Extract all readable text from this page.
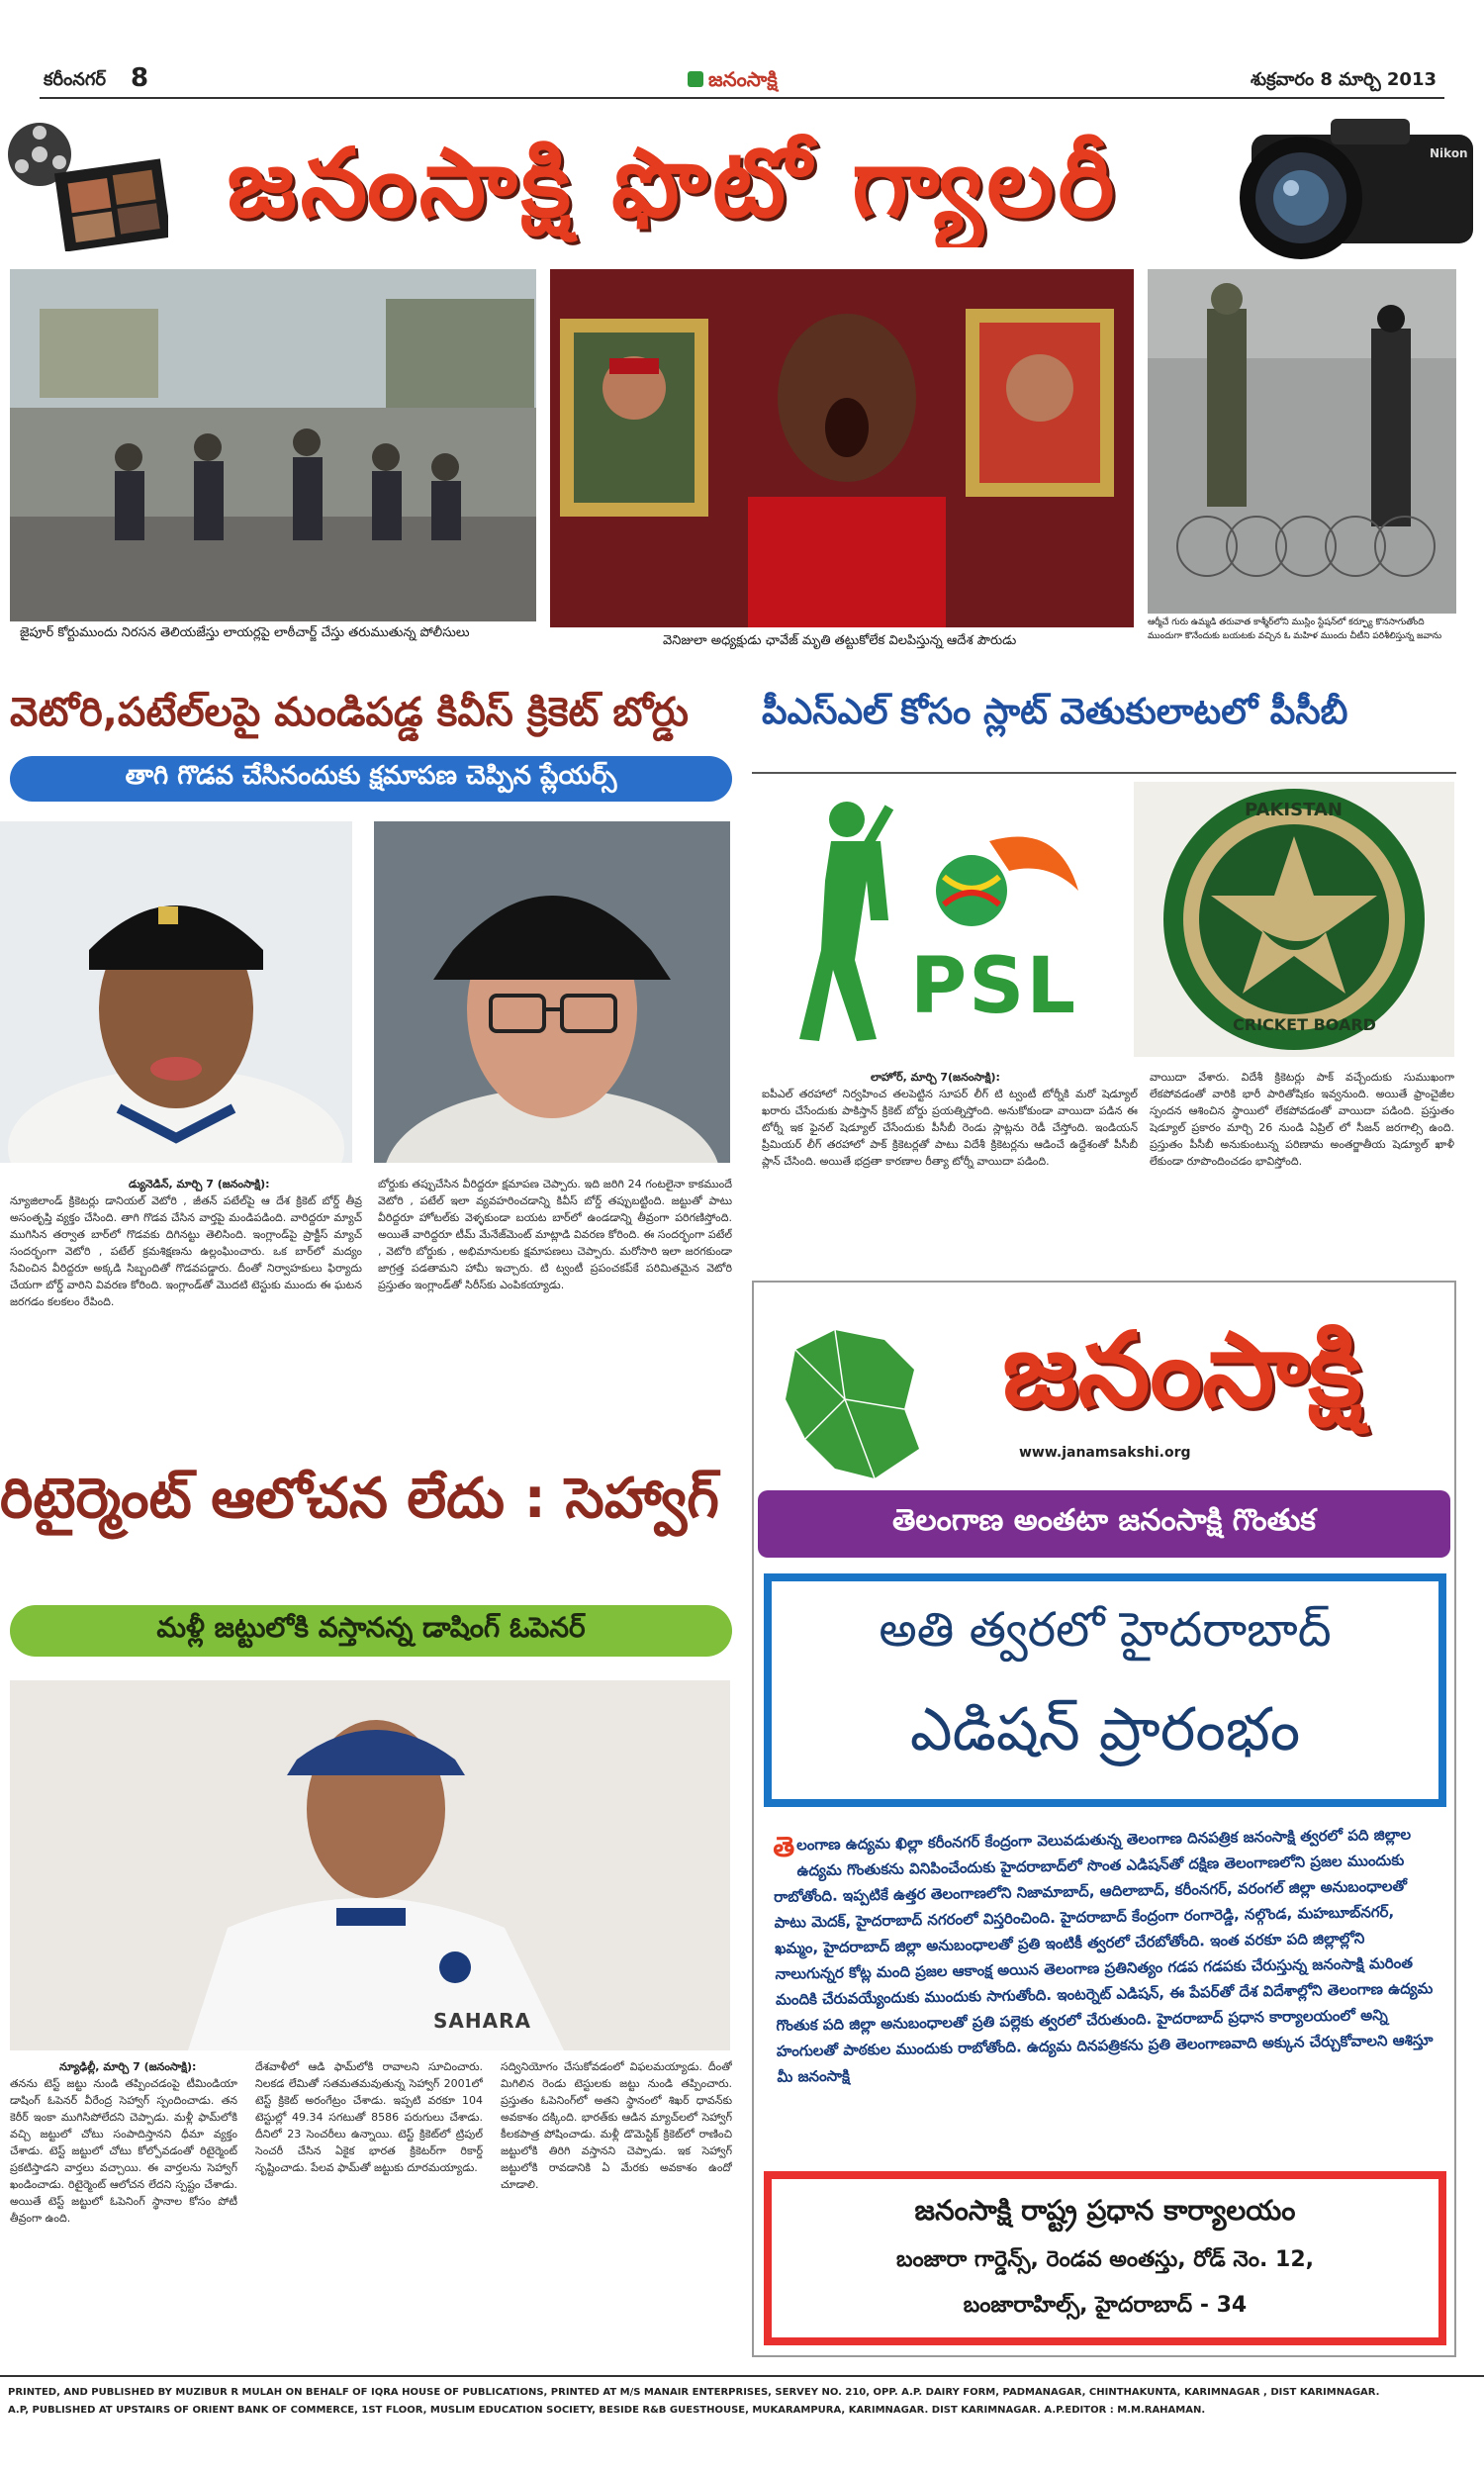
కరీంనగర్ 8	జనంసాక్షి	శుక్రవారం 8 మార్చి 2013
జనంసాక్షి ఫొటో గ్యాలరీ	Nikon
జైపూర్ కోర్టుముందు నిరసన తెలియజేస్తు లాయర్లపై లాఠీచార్జ్ చేస్తు తరుముతున్న పోలీసులు
వెనిజులా అధ్యక్షుడు ఛావేజ్ మృతి తట్టుకోలేక విలపిస్తున్న ఆదేశ పౌరుడు
ఆర్మీచే గురు ఉమ్మడి తరువాత కాశ్మీర్‌లోని ముస్లిం స్టేషన్‌లో కర్ఫ్యూ కొనసాగుతోంది
ముందుగా కొనేందుకు బయటకు వచ్చిన ఓ మహిళ ముందు చీటీని పరిశీలిస్తున్న జవాను
వెటోరి,పటేల్‌లపై మండిపడ్డ కివీస్ క్రికెట్ బోర్డు
తాగి గొడవ చేసినందుకు క్షమాపణ చెప్పిన ప్లేయర్స్
డ్యునెడిన్, మార్చి 7 (జనంసాక్షి):
న్యూజిలాండ్ క్రికెటర్లు డానియల్ వెటోరి , జీతన్ పటేల్‌పై ఆ దేశ క్రికెట్ బోర్డ్ తీవ్ర అసంతృప్తి వ్యక్తం చేసింది. తాగి గొడవ చేసిన వార్తపై మండిపడింది. వారిద్దరూ మ్యాచ్ ముగిసిన తర్వాత బార్‌లో గొడవకు దిగినట్టు తెలిసింది. ఇంగ్లాండ్‌పై ప్రాక్టీస్ మ్యాచ్ సందర్భంగా వెటోరి , పటేల్ క్రమశిక్షణను ఉల్లంఘించారు. ఒక బార్‌లో మద్యం సేవించిన వీరిద్దరూ అక్కడి సిబ్బందితో గొడవపడ్డారు. దీంతో నిర్వాహకులు ఫిర్యాదు చేయగా బోర్డ్ వారిని వివరణ కోరింది. ఇంగ్లాండ్‌తో మొదటి టెస్టుకు ముందు ఈ ఘటన జరగడం కలకలం రేపింది.
బోర్డుకు తప్పుచేసిన వీరిద్దరూ క్షమాపణ చెప్పారు. ఇది జరిగి 24 గంటలైనా కాకముందే వెటోరి , పటేల్ ఇలా వ్యవహరించడాన్ని కివీస్ బోర్డ్ తప్పుబట్టింది. జట్టుతో పాటు వీరిద్దరూ హోటల్‌కు వెళ్ళకుండా బయట బార్‌లో ఉండడాన్ని తీవ్రంగా పరిగణిస్తోంది. అయితే వారిద్దరూ టీమ్ మేనేజ్‌మెంట్ మాట్లాడి వివరణ కోరింది. ఈ సందర్భంగా పటేల్ , వెటోరి బోర్డుకు , అభిమానులకు క్షమాపణలు చెప్పారు. మరోసారి ఇలా జరగకుండా జాగ్రత్త పడతామని హామీ ఇచ్చారు. టి ట్వంటీ ప్రపంచకప్‌కే పరిమితమైన వెటోరి ప్రస్తుతం ఇంగ్లాండ్‌తో సిరీస్‌కు ఎంపికయ్యాడు.
పీఎస్‌ఎల్ కోసం స్లాట్ వెతుకులాటలో పీసీబీ
PSL
PAKISTAN
CRICKET BOARD
లాహోర్, మార్చి 7(జనంసాక్షి):
ఐపీఎల్ తరహాలో నిర్వహించ తలపెట్టిన సూపర్ లీగ్ టి ట్వంటీ టోర్నీకి మరో షెడ్యూల్ ఖరారు చేసేందుకు పాకిస్తాన్ క్రికెట్ బోర్డు ప్రయత్నిస్తోంది. అనుకోకుండా వాయిదా పడిన ఈ టోర్నీ ఇక ఫైనల్ షెడ్యూల్ చేసేందుకు పీసీబీ రెండు స్లాట్లను రెడీ చేస్తోంది. ఇండియన్ ప్రీమియర్ లీగ్ తరహాలో పాక్ క్రికెటర్లతో పాటు విదేశీ క్రికెటర్లను ఆడించే ఉద్దేశంతో పీసీబీ ప్లాన్ చేసింది. అయితే భద్రతా కారణాల రీత్యా టోర్నీ వాయిదా పడింది.
వాయిదా వేశారు. విదేశీ క్రికెటర్లు పాక్ వచ్చేందుకు సుముఖంగా లేకపోవడంతో వారికి భారీ పారితోషికం ఇవ్వనుంది. అయితే ఫ్రాంచైజీల స్పందన ఆశించిన స్థాయిలో లేకపోవడంతో వాయిదా పడింది. ప్రస్తుతం షెడ్యూల్ ప్రకారం మార్చి 26 నుండి ఏప్రిల్ లో సీజన్ జరగాల్సి ఉంది. ప్రస్తుతం పీసీబీ అనుకుంటున్న పరిణామ అంతర్జాతీయ షెడ్యూల్ ఖాళీ లేకుండా రూపొందించడం భావిస్తోంది.
జనంసాక్షి
www.janamsakshi.org
తెలంగాణ అంతటా జనంసాక్షి గొంతుక
అతి త్వరలో హైదరాబాద్
ఎడిషన్ ప్రారంభం
తె లంగాణ ఉద్యమ ఖిల్లా కరీంనగర్ కేంద్రంగా వెలువడుతున్న తెలంగాణ దినపత్రిక జనంసాక్షి త్వరలో పది జిల్లాల ఉద్యమ గొంతుకను వినిపించేందుకు హైదరాబాద్‌లో సొంత ఎడిషన్‌తో దక్షిణ తెలంగాణలోని ప్రజల ముందుకు రాబోతోంది. ఇప్పటికే ఉత్తర తెలంగాణలోని నిజామాబాద్, ఆదిలాబాద్, కరీంనగర్, వరంగల్ జిల్లా అనుబంధాలతో పాటు మెదక్, హైదరాబాద్ నగరంలో విస్తరించింది. హైదరాబాద్ కేంద్రంగా రంగారెడ్డి, నల్గొండ, మహబూబ్‌నగర్, ఖమ్మం, హైదరాబాద్ జిల్లా అనుబంధాలతో ప్రతి ఇంటికీ త్వరలో చేరబోతోంది. ఇంత వరకూ పది జిల్లాల్లోని నాలుగున్నర కోట్ల మంది ప్రజల ఆకాంక్ష అయిన తెలంగాణ ప్రతినిత్యం గడప గడపకు చేరుస్తున్న జనంసాక్షి మరింత మందికి చేరువయ్యేందుకు ముందుకు సాగుతోంది. ఇంటర్నెట్ ఎడిషన్, ఈ పేపర్‌తో దేశ విదేశాల్లోని తెలంగాణ ఉద్యమ గొంతుక పది జిల్లా అనుబంధాలతో ప్రతి పల్లెకు త్వరలో చేరుతుంది. హైదరాబాద్ ప్రధాన కార్యాలయంలో అన్ని హంగులతో పాఠకుల ముందుకు రాబోతోంది. ఉద్యమ దినపత్రికను ప్రతి తెలంగాణవాది అక్కున చేర్చుకోవాలని ఆశిస్తూ మీ జనంసాక్షి
జనంసాక్షి రాష్ట్ర ప్రధాన కార్యాలయం
బంజారా గార్డెన్స్, రెండవ అంతస్తు, రోడ్ నెం. 12,
బంజారాహిల్స్, హైదరాబాద్ - 34
రిటైర్మెంట్ ఆలోచన లేదు : సెహ్వాగ్
మళ్లీ జట్టులోకి వస్తానన్న డాషింగ్ ఓపెనర్
SAHARA
న్యూఢిల్లీ, మార్చి 7 (జనంసాక్షి):
తనను టెస్ట్ జట్టు నుండి తప్పించడంపై టీమిండియా డాషింగ్ ఓపెనర్ వీరేంద్ర సెహ్వాగ్ స్పందించాడు. తన కెరీర్ ఇంకా ముగిసిపోలేదని చెప్పాడు. మళ్లీ ఫామ్‌లోకి వచ్చి జట్టులో చోటు సంపాదిస్తానని ధీమా వ్యక్తం చేశాడు. టెస్ట్ జట్టులో చోటు కోల్పోవడంతో రిటైర్మెంట్ ప్రకటిస్తాడని వార్తలు వచ్చాయి. ఈ వార్తలను సెహ్వాగ్ ఖండించాడు. రిటైర్మెంట్ ఆలోచన లేదని స్పష్టం చేశాడు. అయితే టెస్ట్ జట్టులో ఓపెనింగ్ స్థానాల కోసం పోటీ తీవ్రంగా ఉంది.
దేశవాళీలో ఆడి ఫామ్‌లోకి రావాలని సూచించారు. నిలకడ లేమితో సతమతమవుతున్న సెహ్వాగ్ 2001లో టెస్ట్ క్రికెట్ అరంగేట్రం చేశాడు. ఇప్పటి వరకూ 104 టెస్టుల్లో 49.34 సగటుతో 8586 పరుగులు చేశాడు. దీనిలో 23 సెంచరీలు ఉన్నాయి. టెస్ట్ క్రికెట్‌లో ట్రిపుల్ సెంచరీ చేసిన ఏకైక భారత క్రికెటర్‌గా రికార్డ్ సృష్టించాడు. పేలవ ఫామ్‌తో జట్టుకు దూరమయ్యాడు.
సద్వినియోగం చేసుకోవడంలో విఫలమయ్యాడు. దీంతో మిగిలిన రెండు టెస్టులకు జట్టు నుండి తప్పించారు. ప్రస్తుతం ఓపెనింగ్‌లో అతని స్థానంలో శిఖర్ ధావన్‌కు అవకాశం దక్కింది. భారత్‌కు ఆడిన మ్యాచ్‌లలో సెహ్వాగ్ కీలకపాత్ర పోషించాడు. మళ్లీ డొమెస్టిక్ క్రికెట్‌లో రాణించి జట్టులోకి తిరిగి వస్తానని చెప్పాడు. ఇక సెహ్వాగ్ జట్టులోకి రావడానికి ఏ మేరకు అవకాశం ఉందో చూడాలి.
PRINTED, AND PUBLISHED BY MUZIBUR R MULAH ON BEHALF OF IQRA HOUSE OF PUBLICATIONS, PRINTED AT M/S MANAIR ENTERPRISES, SERVEY NO. 210, OPP. A.P. DAIRY FORM, PADMANAGAR, CHINTHAKUNTA, KARIMNAGAR , DIST KARIMNAGAR.
A.P, PUBLISHED AT UPSTAIRS OF ORIENT BANK OF COMMERCE, 1ST FLOOR, MUSLIM EDUCATION SOCIETY, BESIDE R&B GUESTHOUSE, MUKARAMPURA, KARIMNAGAR. DIST KARIMNAGAR. A.P.EDITOR : M.M.RAHAMAN.
